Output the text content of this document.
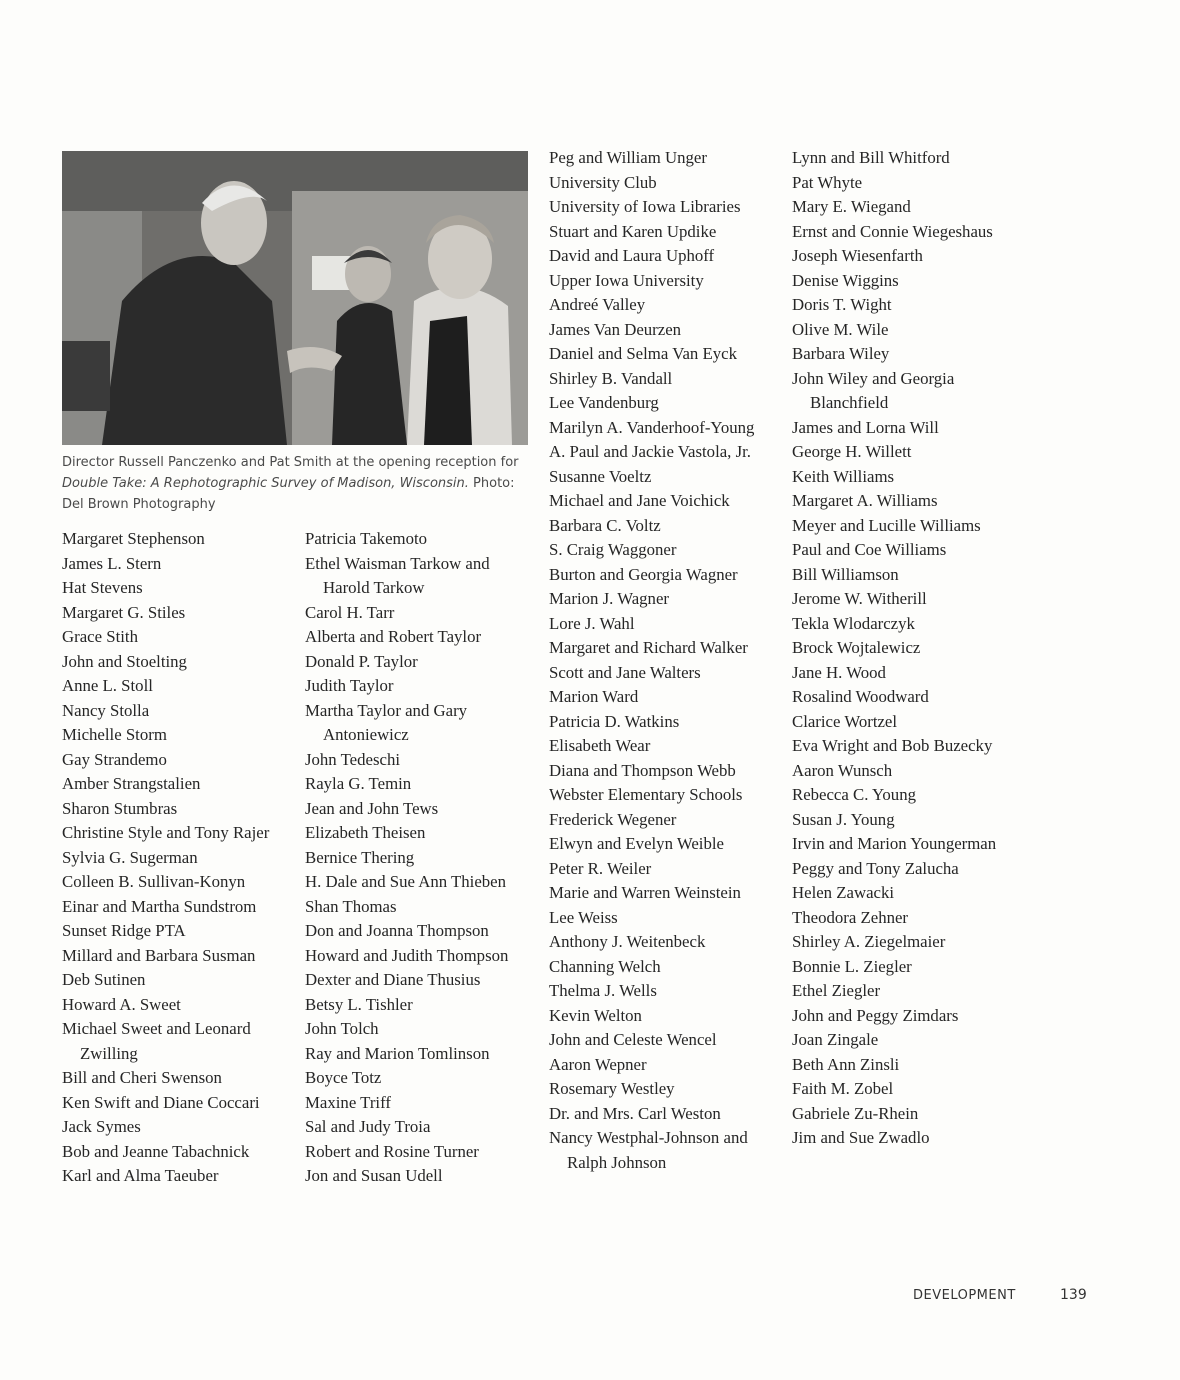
Director Russell Panczenko and Pat Smith at the opening reception for Double Take: A Rephotographic Survey of Madison, Wisconsin. Photo: Del Brown Photography

Margaret Stephenson
James L. Stern
Hat Stevens
Margaret G. Stiles
Grace Stith
John and Stoelting
Anne L. Stoll
Nancy Stolla
Michelle Storm
Gay Strandemo
Amber Strangstalien
Sharon Stumbras
Christine Style and Tony Rajer
Sylvia G. Sugerman
Colleen B. Sullivan-Konyn
Einar and Martha Sundstrom
Sunset Ridge PTA
Millard and Barbara Susman
Deb Sutinen
Howard A. Sweet
Michael Sweet and Leonard Zwilling
Bill and Cheri Swenson
Ken Swift and Diane Coccari
Jack Symes
Bob and Jeanne Tabachnick
Karl and Alma Taeuber
Patricia Takemoto
Ethel Waisman Tarkow and Harold Tarkow
Carol H. Tarr
Alberta and Robert Taylor
Donald P. Taylor
Judith Taylor
Martha Taylor and Gary Antoniewicz
John Tedeschi
Rayla G. Temin
Jean and John Tews
Elizabeth Theisen
Bernice Thering
H. Dale and Sue Ann Thieben
Shan Thomas
Don and Joanna Thompson
Howard and Judith Thompson
Dexter and Diane Thusius
Betsy L. Tishler
John Tolch
Ray and Marion Tomlinson
Boyce Totz
Maxine Triff
Sal and Judy Troia
Robert and Rosine Turner
Jon and Susan Udell
Peg and William Unger
University Club
University of Iowa Libraries
Stuart and Karen Updike
David and Laura Uphoff
Upper Iowa University
Andreé Valley
James Van Deurzen
Daniel and Selma Van Eyck
Shirley B. Vandall
Lee Vandenburg
Marilyn A. Vanderhoof-Young
A. Paul and Jackie Vastola, Jr.
Susanne Voeltz
Michael and Jane Voichick
Barbara C. Voltz
S. Craig Waggoner
Burton and Georgia Wagner
Marion J. Wagner
Lore J. Wahl
Margaret and Richard Walker
Scott and Jane Walters
Marion Ward
Patricia D. Watkins
Elisabeth Wear
Diana and Thompson Webb
Webster Elementary Schools
Frederick Wegener
Elwyn and Evelyn Weible
Peter R. Weiler
Marie and Warren Weinstein
Lee Weiss
Anthony J. Weitenbeck
Channing Welch
Thelma J. Wells
Kevin Welton
John and Celeste Wencel
Aaron Wepner
Rosemary Westley
Dr. and Mrs. Carl Weston
Nancy Westphal-Johnson and Ralph Johnson
Lynn and Bill Whitford
Pat Whyte
Mary E. Wiegand
Ernst and Connie Wiegeshaus
Joseph Wiesenfarth
Denise Wiggins
Doris T. Wight
Olive M. Wile
Barbara Wiley
John Wiley and Georgia Blanchfield
James and Lorna Will
George H. Willett
Keith Williams
Margaret A. Williams
Meyer and Lucille Williams
Paul and Coe Williams
Bill Williamson
Jerome W. Witherill
Tekla Wlodarczyk
Brock Wojtalewicz
Jane H. Wood
Rosalind Woodward
Clarice Wortzel
Eva Wright and Bob Buzecky
Aaron Wunsch
Rebecca C. Young
Susan J. Young
Irvin and Marion Youngerman
Peggy and Tony Zalucha
Helen Zawacki
Theodora Zehner
Shirley A. Ziegelmaier
Bonnie L. Ziegler
Ethel Ziegler
John and Peggy Zimdars
Joan Zingale
Beth Ann Zinsli
Faith M. Zobel
Gabriele Zu-Rhein
Jim and Sue Zwadlo
DEVELOPMENT	139
